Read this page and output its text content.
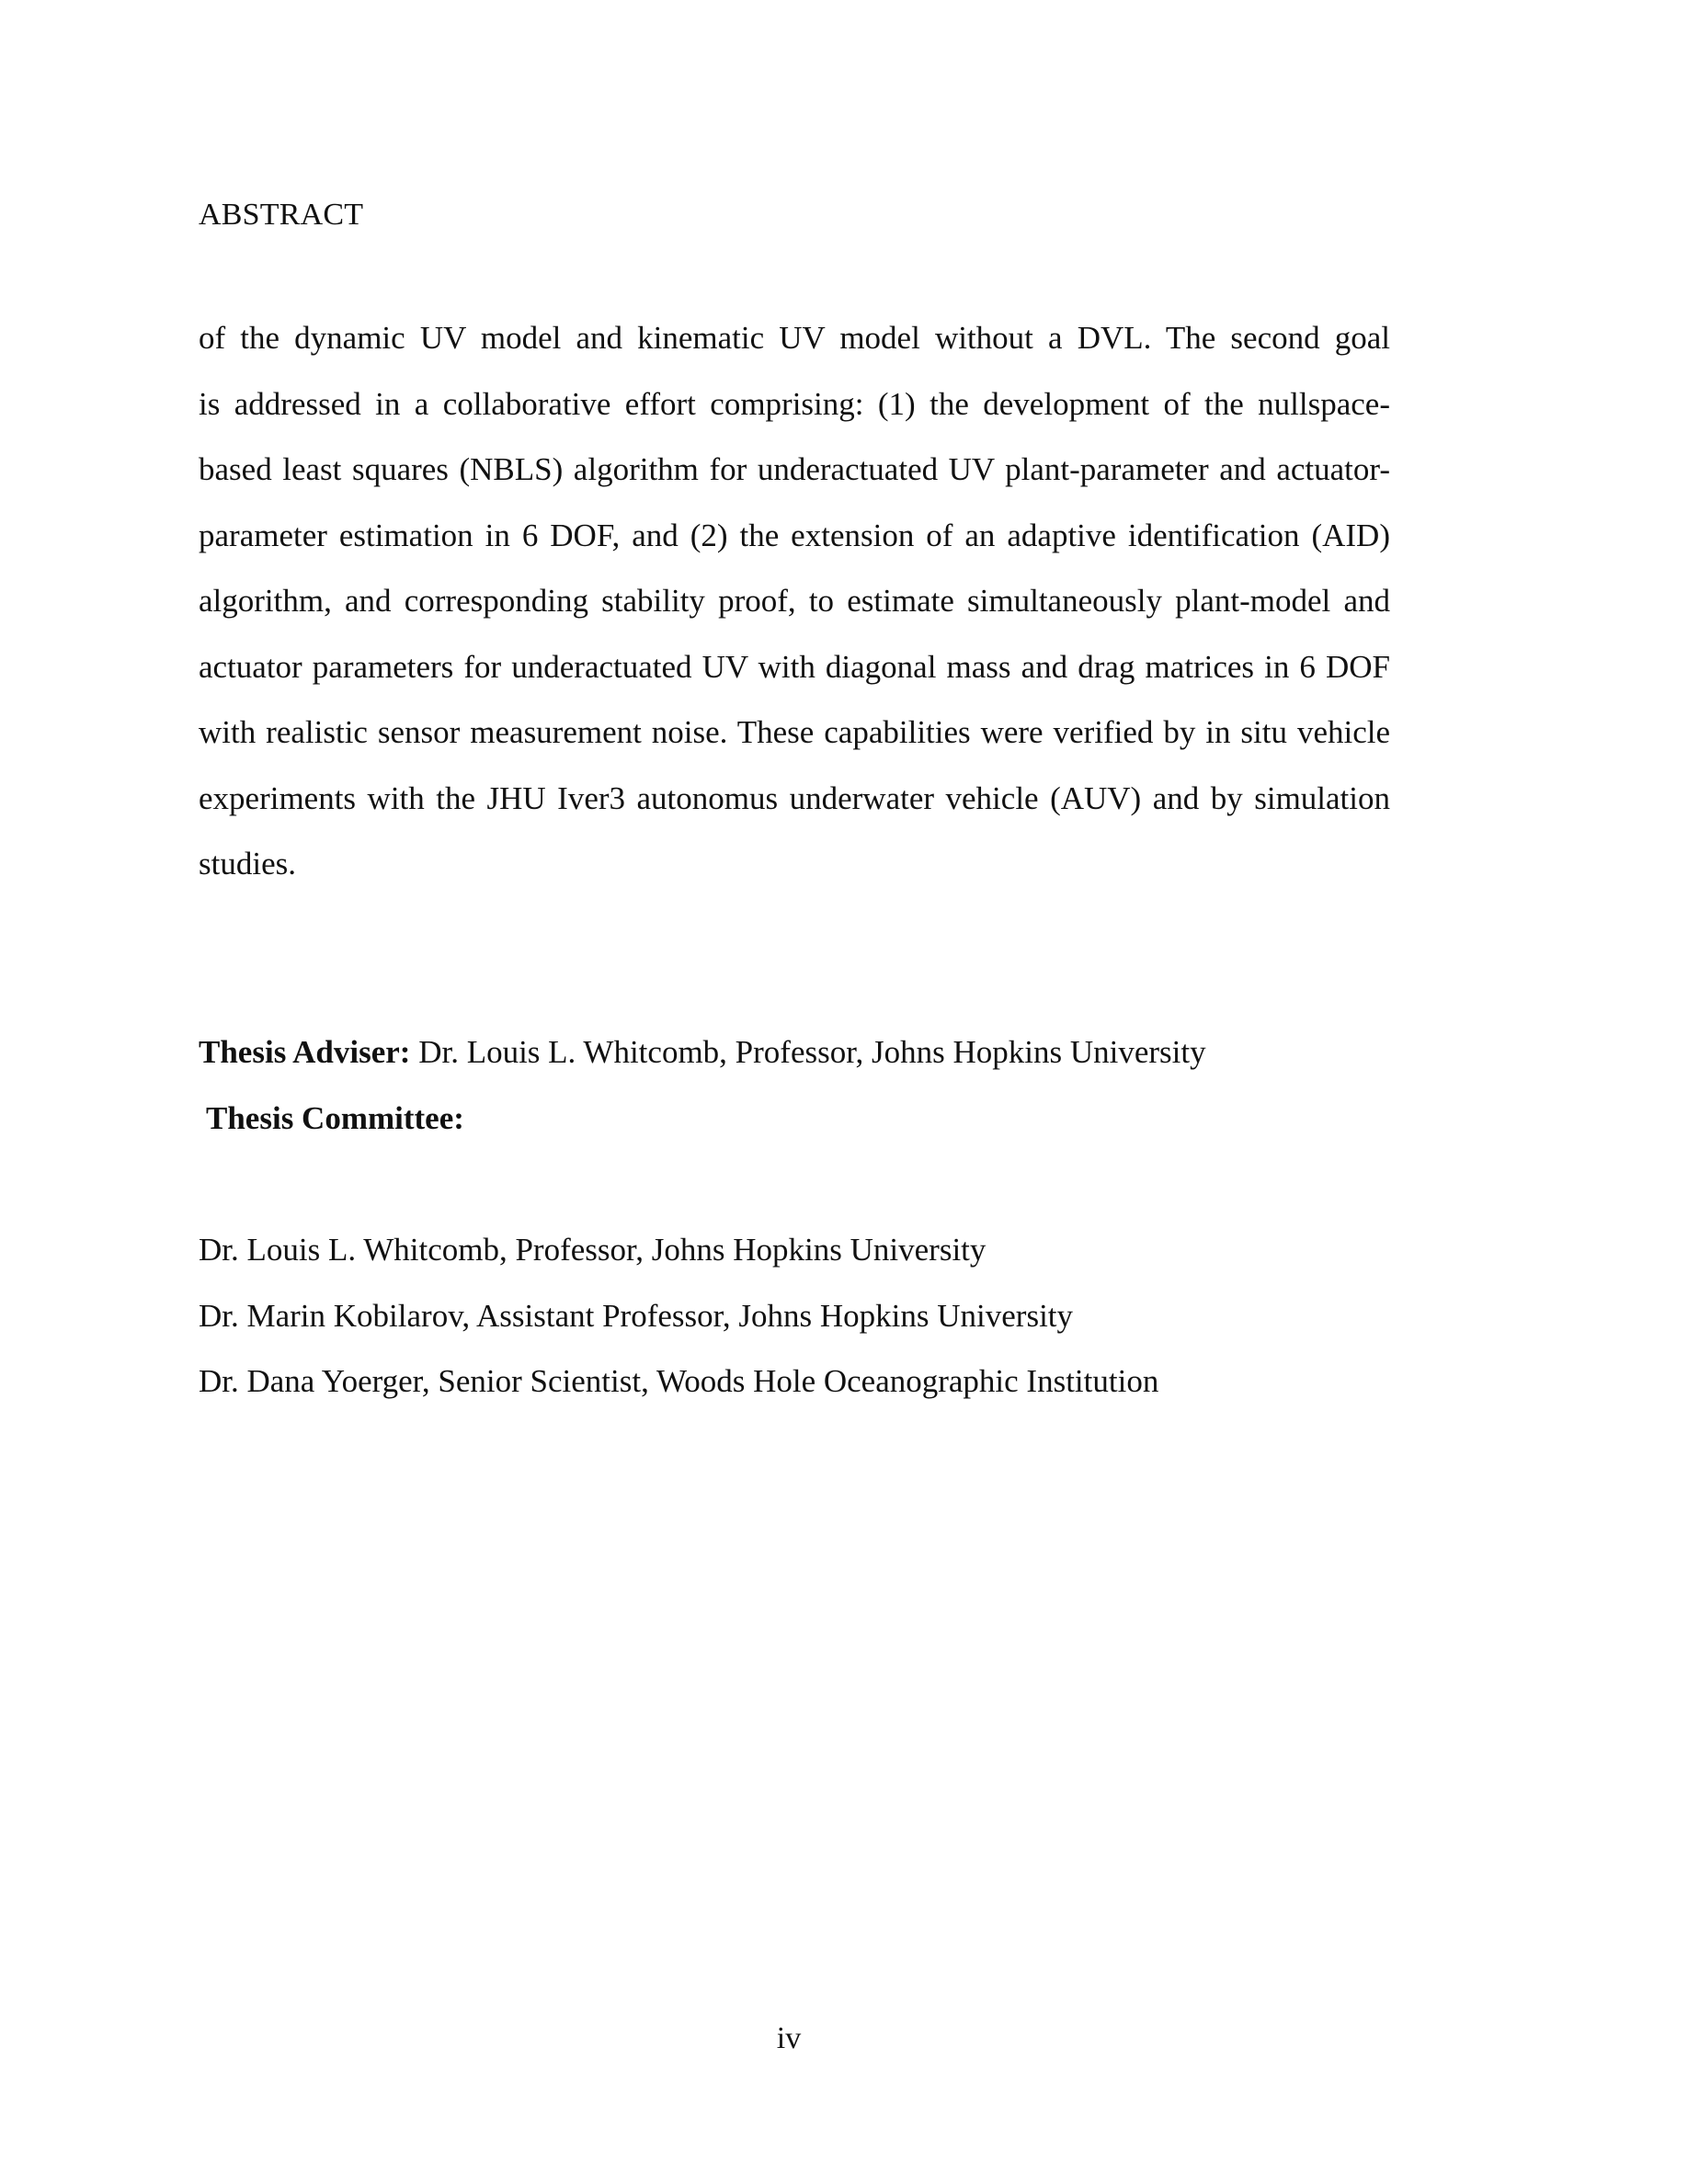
ABSTRACT
of the dynamic UV model and kinematic UV model without a DVL. The second goal
is addressed in a collaborative effort comprising: (1) the development of the nullspace-
based least squares (NBLS) algorithm for underactuated UV plant-parameter and actuator-
parameter estimation in 6 DOF, and (2) the extension of an adaptive identification (AID)
algorithm, and corresponding stability proof, to estimate simultaneously plant-model and
actuator parameters for underactuated UV with diagonal mass and drag matrices in 6 DOF
with realistic sensor measurement noise. These capabilities were verified by in situ vehicle
experiments with the JHU Iver3 autonomus underwater vehicle (AUV) and by simulation
studies.
Thesis Adviser: Dr. Louis L. Whitcomb, Professor, Johns Hopkins University
Thesis Committee:
Dr. Louis L. Whitcomb, Professor, Johns Hopkins University
Dr. Marin Kobilarov, Assistant Professor, Johns Hopkins University
Dr. Dana Yoerger, Senior Scientist, Woods Hole Oceanographic Institution
iv
